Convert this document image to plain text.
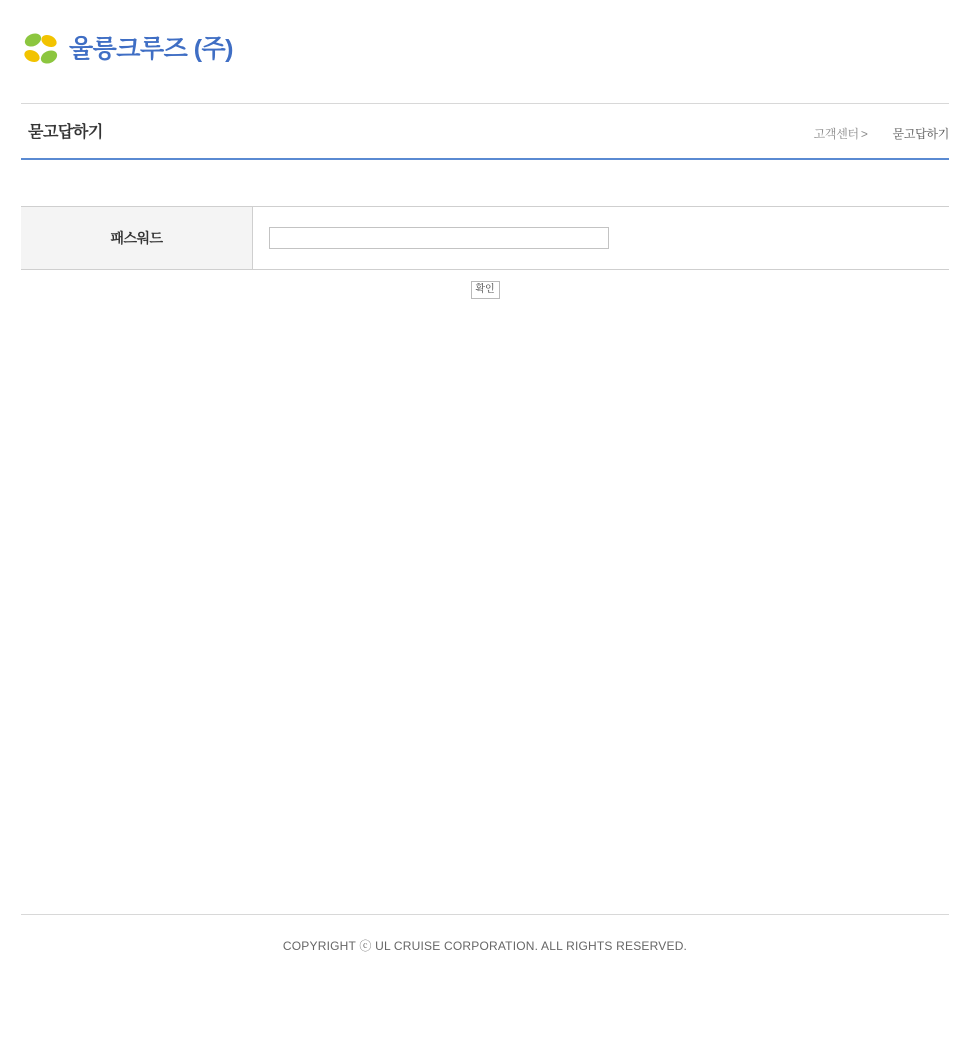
울릉크루즈 (주)
묻고답하기	고객센터 > 묻고답하기
패스워드	
확인
COPYRIGHT ⓒ UL CRUISE CORPORATION. ALL RIGHTS RESERVED.
